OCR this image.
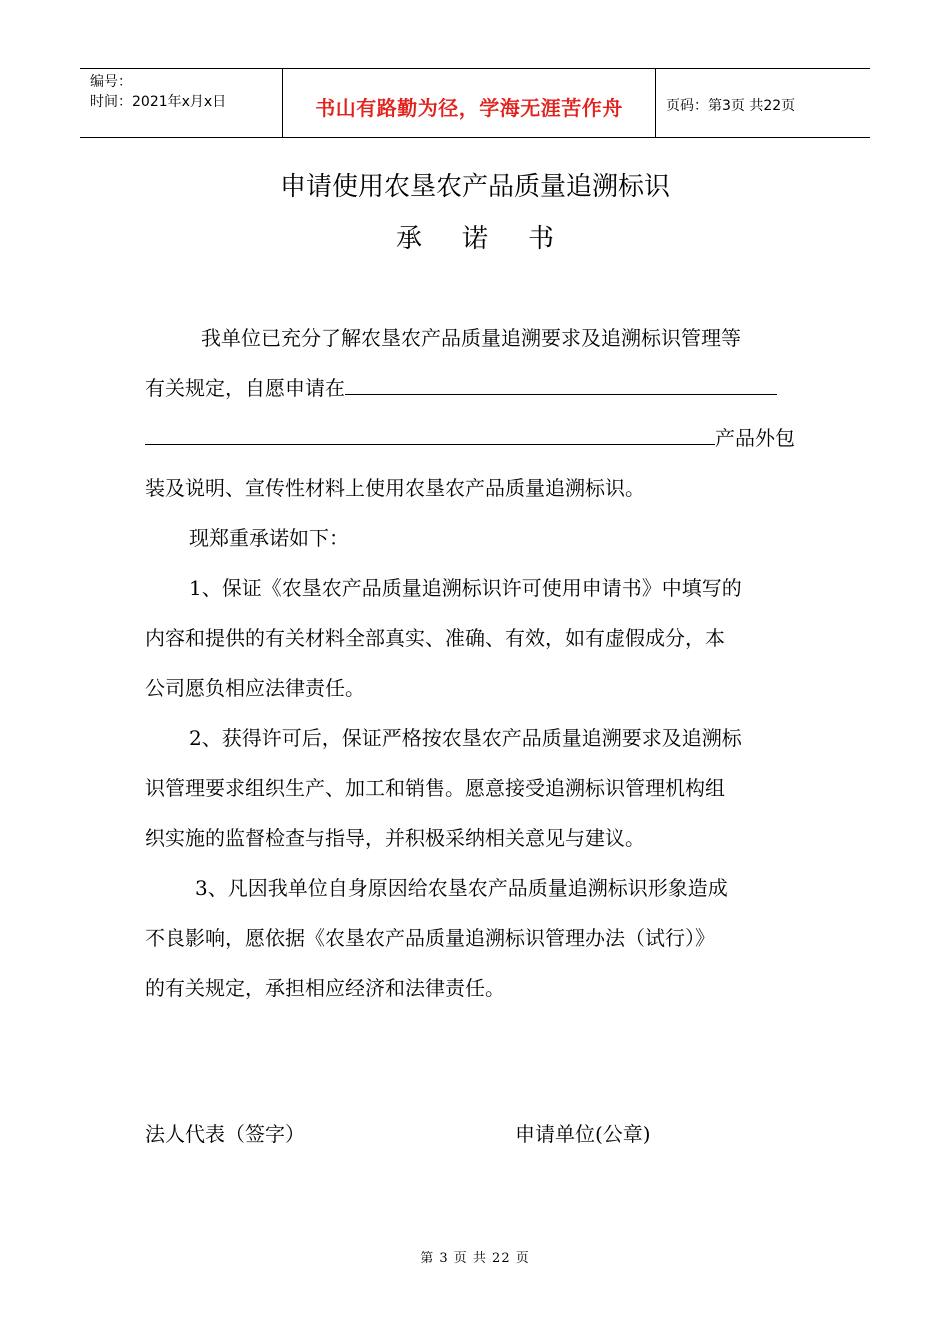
编号：
时间：2021年x月x日	书山有路勤为径，学海无涯苦作舟	页码：第3页 共22页
申请使用农垦农产品质量追溯标识
承诺书
我单位已充分了解农垦农产品质量追溯要求及追溯标识管理等
有关规定，自愿申请在
产品外包
装及说明、宣传性材料上使用农垦农产品质量追溯标识。
现郑重承诺如下：
1、保证《农垦农产品质量追溯标识许可使用申请书》中填写的
内容和提供的有关材料全部真实、准确、有效，如有虚假成分，本
公司愿负相应法律责任。
2、获得许可后，保证严格按农垦农产品质量追溯要求及追溯标
识管理要求组织生产、加工和销售。愿意接受追溯标识管理机构组
织实施的监督检查与指导，并积极采纳相关意见与建议。
3、凡因我单位自身原因给农垦农产品质量追溯标识形象造成
不良影响，愿依据《农垦农产品质量追溯标识管理办法（试行）》
的有关规定，承担相应经济和法律责任。
法人代表（签字）	申请单位(公章)
第 3 页 共 22 页
